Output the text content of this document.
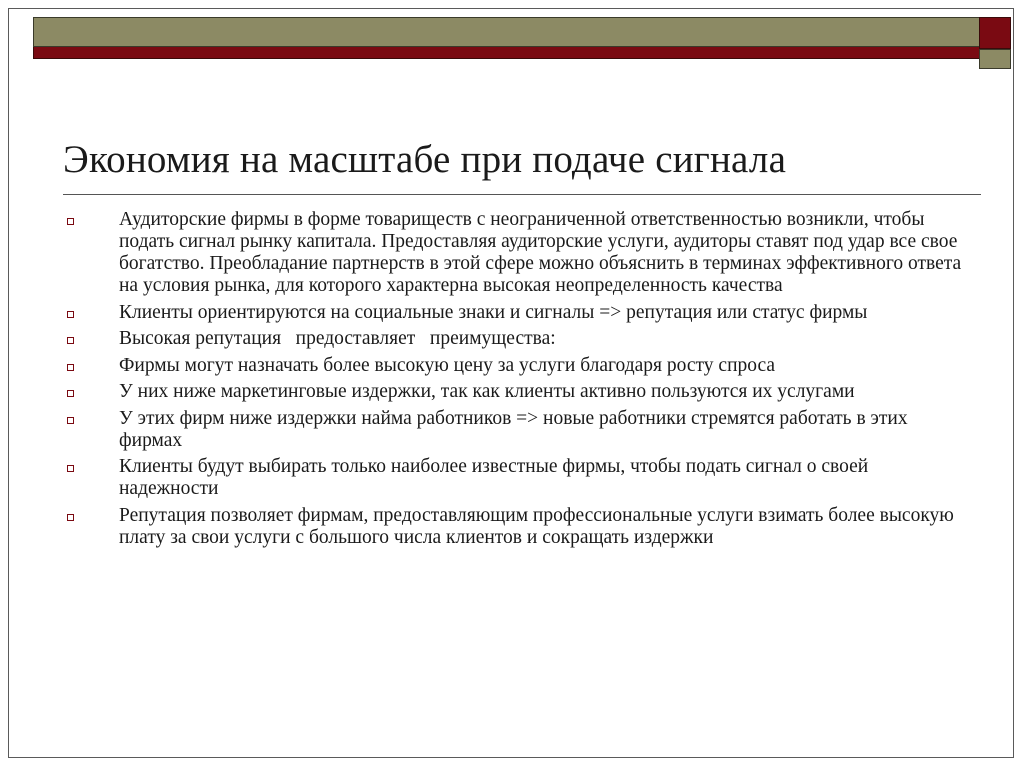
Экономия на масштабе при подаче сигнала
Аудиторские фирмы в форме товариществ с неограниченной ответственностью возникли, чтобы подать сигнал рынку капитала. Предоставляя аудиторские услуги, аудиторы ставят под удар все свое богатство. Преобладание партнерств в этой сфере можно объяснить в терминах эффективного ответа на условия рынка, для которого характерна высокая неопределенность качества
Клиенты ориентируются на социальные знаки и сигналы => репутация или статус фирмы
Высокая репутация   предоставляет   преимущества:
Фирмы могут назначать более высокую цену за услуги благодаря росту спроса
У них ниже маркетинговые издержки, так как клиенты активно пользуются их услугами
У этих фирм ниже издержки найма работников => новые работники стремятся работать в этих фирмах
Клиенты будут выбирать только наиболее известные фирмы, чтобы подать сигнал о своей надежности
Репутация позволяет фирмам, предоставляющим профессиональные услуги взимать более высокую плату за свои услуги с большого числа клиентов и сокращать издержки
